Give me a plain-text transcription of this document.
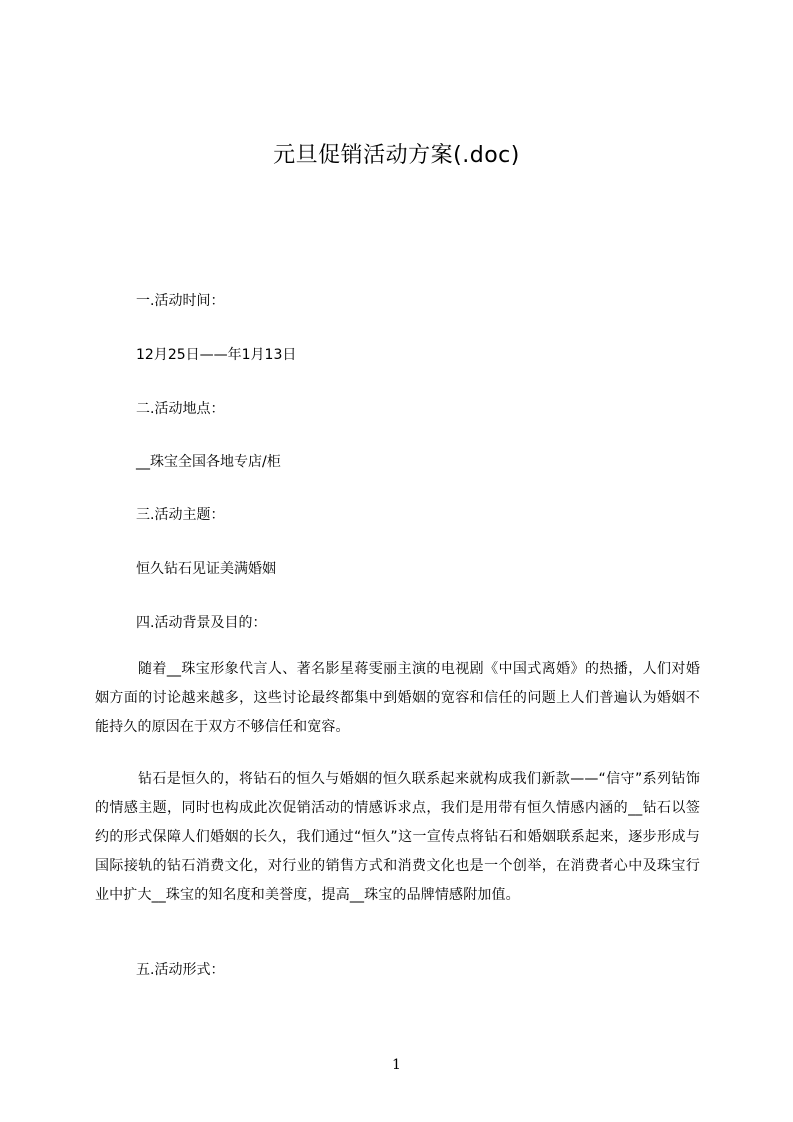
元旦促销活动方案(.doc)
一.活动时间：
12月25日——年1月13日
二.活动地点：
__珠宝全国各地专店/柜
三.活动主题：
恒久钻石见证美满婚姻
四.活动背景及目的：
随着__珠宝形象代言人、著名影星蒋雯丽主演的电视剧《中国式离婚》的热播，人们对婚姻方面的讨论越来越多，这些讨论最终都集中到婚姻的宽容和信任的问题上人们普遍认为婚姻不能持久的原因在于双方不够信任和宽容。
钻石是恒久的，将钻石的恒久与婚姻的恒久联系起来就构成我们新款——“信守”系列钻饰的情感主题，同时也构成此次促销活动的情感诉求点，我们是用带有恒久情感内涵的__钻石以签约的形式保障人们婚姻的长久，我们通过“恒久”这一宣传点将钻石和婚姻联系起来，逐步形成与国际接轨的钻石消费文化，对行业的销售方式和消费文化也是一个创举，在消费者心中及珠宝行业中扩大__珠宝的知名度和美誉度，提高__珠宝的品牌情感附加值。
五.活动形式：
1
